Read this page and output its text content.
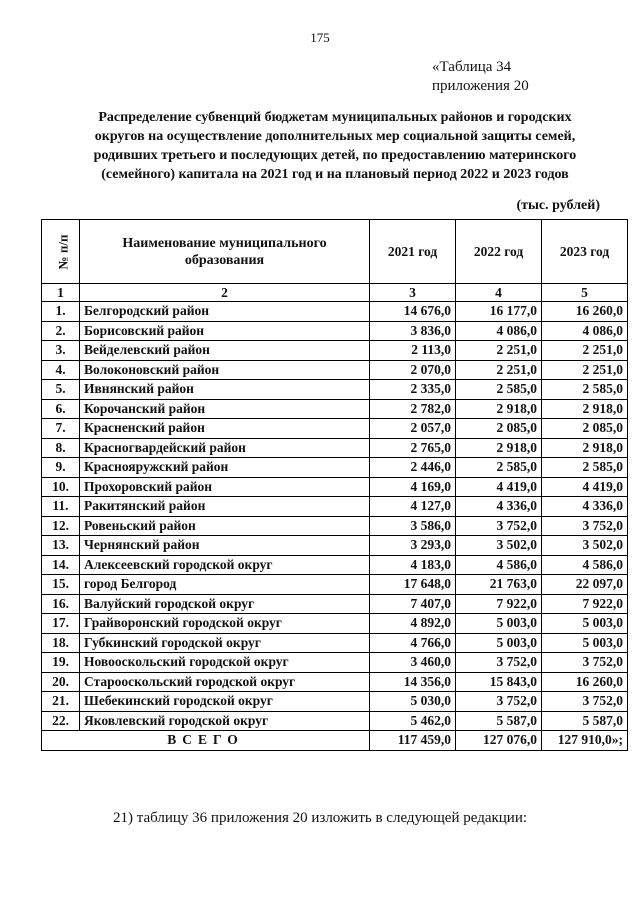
175
«Таблица 34
приложения 20
Распределение субвенций бюджетам муниципальных районов и городских
округов на осуществление дополнительных мер социальной защиты семей,
родивших третьего и последующих детей, по предоставлению материнского
(семейного) капитала на 2021 год и на плановый период 2022 и 2023 годов
(тыс. рублей)
№ п/п	Наименование муниципального образования	2021 год	2022 год	2023 год
1	2	3	4	5
1.	Белгородский район	14 676,0	16 177,0	16 260,0
2.	Борисовский район	3 836,0	4 086,0	4 086,0
3.	Вейделевский район	2 113,0	2 251,0	2 251,0
4.	Волоконовский район	2 070,0	2 251,0	2 251,0
5.	Ивнянский район	2 335,0	2 585,0	2 585,0
6.	Корочанский район	2 782,0	2 918,0	2 918,0
7.	Красненский район	2 057,0	2 085,0	2 085,0
8.	Красногвардейский район	2 765,0	2 918,0	2 918,0
9.	Краснояружский район	2 446,0	2 585,0	2 585,0
10.	Прохоровский район	4 169,0	4 419,0	4 419,0
11.	Ракитянский район	4 127,0	4 336,0	4 336,0
12.	Ровеньский район	3 586,0	3 752,0	3 752,0
13.	Чернянский район	3 293,0	3 502,0	3 502,0
14.	Алексеевский городской округ	4 183,0	4 586,0	4 586,0
15.	город Белгород	17 648,0	21 763,0	22 097,0
16.	Валуйский городской округ	7 407,0	7 922,0	7 922,0
17.	Грайворонский городской округ	4 892,0	5 003,0	5 003,0
18.	Губкинский городской округ	4 766,0	5 003,0	5 003,0
19.	Новооскольский городской округ	3 460,0	3 752,0	3 752,0
20.	Старооскольский городской округ	14 356,0	15 843,0	16 260,0
21.	Шебекинский городской округ	5 030,0	3 752,0	3 752,0
22.	Яковлевский городской округ	5 462,0	5 587,0	5 587,0
ВСЕГО		117 459,0	127 076,0	127 910,0»;
21) таблицу 36 приложения 20 изложить в следующей редакции:
